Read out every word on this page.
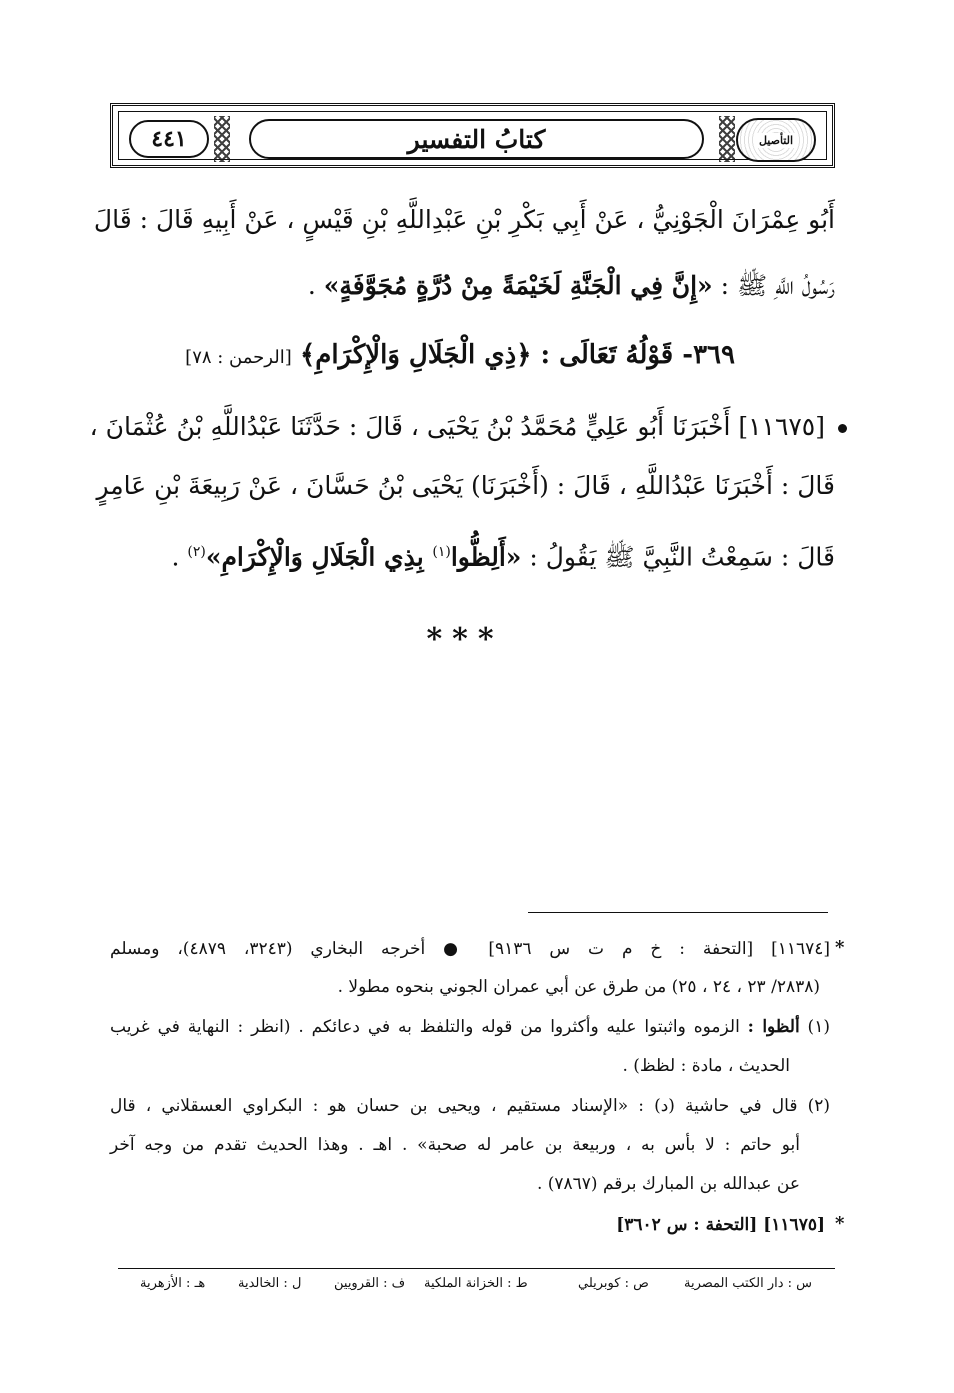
٤٤١	كتابُ التفسير	التأصيل
أَبُو عِمْرَانَ الْجَوْنِيُّ ، عَنْ أَبِي بَكْرِ بْنِ عَبْدِاللَّهِ بْنِ قَيْسٍ ، عَنْ أَبِيهِ قَالَ : قَالَ
رَسُولُ اللَّهِ ﷺ : «إِنَّ فِي الْجَنَّةِ لَخَيْمَةً مِنْ دُرَّةٍ مُجَوَّفَةٍ» .
٣٦٩- قَوْلُهُ تَعَالَى : ﴿ذِي الْجَلَالِ وَالْإِكْرَامِ﴾ [الرحمن : ٧٨]
[١١٦٧٥] أَخْبَرَنَا أَبُو عَلِيٍّ مُحَمَّدُ بْنُ يَحْيَى ، قَالَ : حَدَّثَنَا عَبْدُاللَّهِ بْنُ عُثْمَانَ ،
قَالَ : أَخْبَرَنَا عَبْدُاللَّهِ ، قَالَ : (أَخْبَرَنَا) يَحْيَى بْنُ حَسَّانَ ، عَنْ رَبِيعَةَ بْنِ عَامِرٍ
قَالَ : سَمِعْتُ النَّبِيَّ ﷺ يَقُولُ : «أَلِظُّوا$^{(١)}$ بِذِي الْجَلَالِ وَالْإِكْرَامِ»$^{(٢)}$ .
***
*
[١١٦٧٤] [التحفة : خ م ت س ٩١٣٦] ● أخرجه البخاري (٣٢٤٣، ٤٨٧٩)، ومسلم
(٢٨٣٨/ ٢٣ ، ٢٤ ، ٢٥) من طرق عن أبي عمران الجوني بنحوه مطولا .
(١) ألظوا : الزموه واثبتوا عليه وأكثروا من قوله والتلفظ به في دعائكم . (انظر : النهاية في غريب
الحديث ، مادة : لظظ) .
(٢) قال في حاشية (د) : «الإسناد مستقيم ، ويحيى بن حسان هو : البكراوي العسقلاني ، قال
أبو حاتم : لا بأس به ، وربيعة بن عامر له صحبة» . اهـ . وهذا الحديث تقدم من وجه آخر
عن عبدالله بن المبارك برقم (٧٨٦٧) .
*
[١١٦٧٥] [التحفة : س ٣٦٠٢]
س : دار الكتب المصرية
ص : كوبريلي
ط : الخزانة الملكية
ف : القرويين
ل : الخالدية
هـ : الأزهرية
